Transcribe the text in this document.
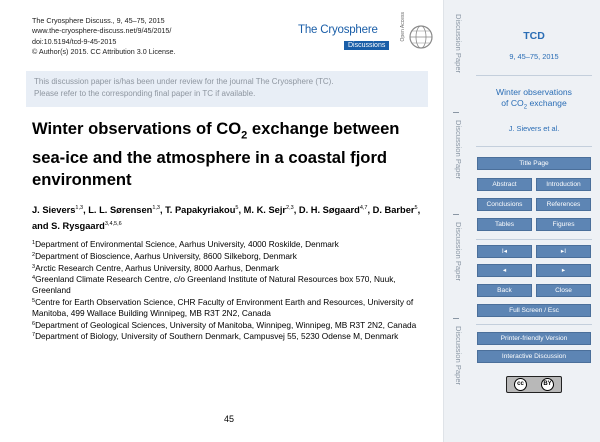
The Cryosphere Discuss., 9, 45–75, 2015
www.the-cryosphere-discuss.net/9/45/2015/
doi:10.5194/tcd-9-45-2015
© Author(s) 2015. CC Attribution 3.0 License.
The Cryosphere
Discussions
Open Access
This discussion paper is/has been under review for the journal The Cryosphere (TC).
Please refer to the corresponding final paper in TC if available.
Winter observations of $CO_2$ exchange between sea-ice and the atmosphere in a coastal fjord environment
J. Sievers$^{1,3}$, L. L. Sørensen$^{1,3}$, T. Papakyriakou$^5$, M. K. Sejr$^{2,3}$, D. H. Søgaard$^{4,7}$, D. Barber$^5$, and S. Rysgaard$^{3,4,5,6}$
$^1$Department of Environmental Science, Aarhus University, 4000 Roskilde, Denmark
$^2$Department of Bioscience, Aarhus University, 8600 Silkeborg, Denmark
$^3$Arctic Research Centre, Aarhus University, 8000 Aarhus, Denmark
$^4$Greenland Climate Research Centre, c/o Greenland Institute of Natural Resources box 570, Nuuk, Greenland
$^5$Centre for Earth Observation Science, CHR Faculty of Environment Earth and Resources, University of Manitoba, 499 Wallace Building Winnipeg, MB R3T 2N2, Canada
$^6$Department of Geological Sciences, University of Manitoba, Winnipeg, Winnipeg, MB R3T 2N2, Canada
$^7$Department of Biology, University of Southern Denmark, Campusvej 55, 5230 Odense M, Denmark
45
Discussion Paper
Discussion Paper
Discussion Paper
Discussion Paper
TCD
9, 45–75, 2015
Winter observations
of $CO_2$ exchange
J. Sievers et al.
Title Page
Abstract	Introduction
Conclusions	References
Tables	Figures
I◂	▸I
◂	▸
Back	Close
Full Screen / Esc
Printer-friendly Version
Interactive Discussion
cc	BY
